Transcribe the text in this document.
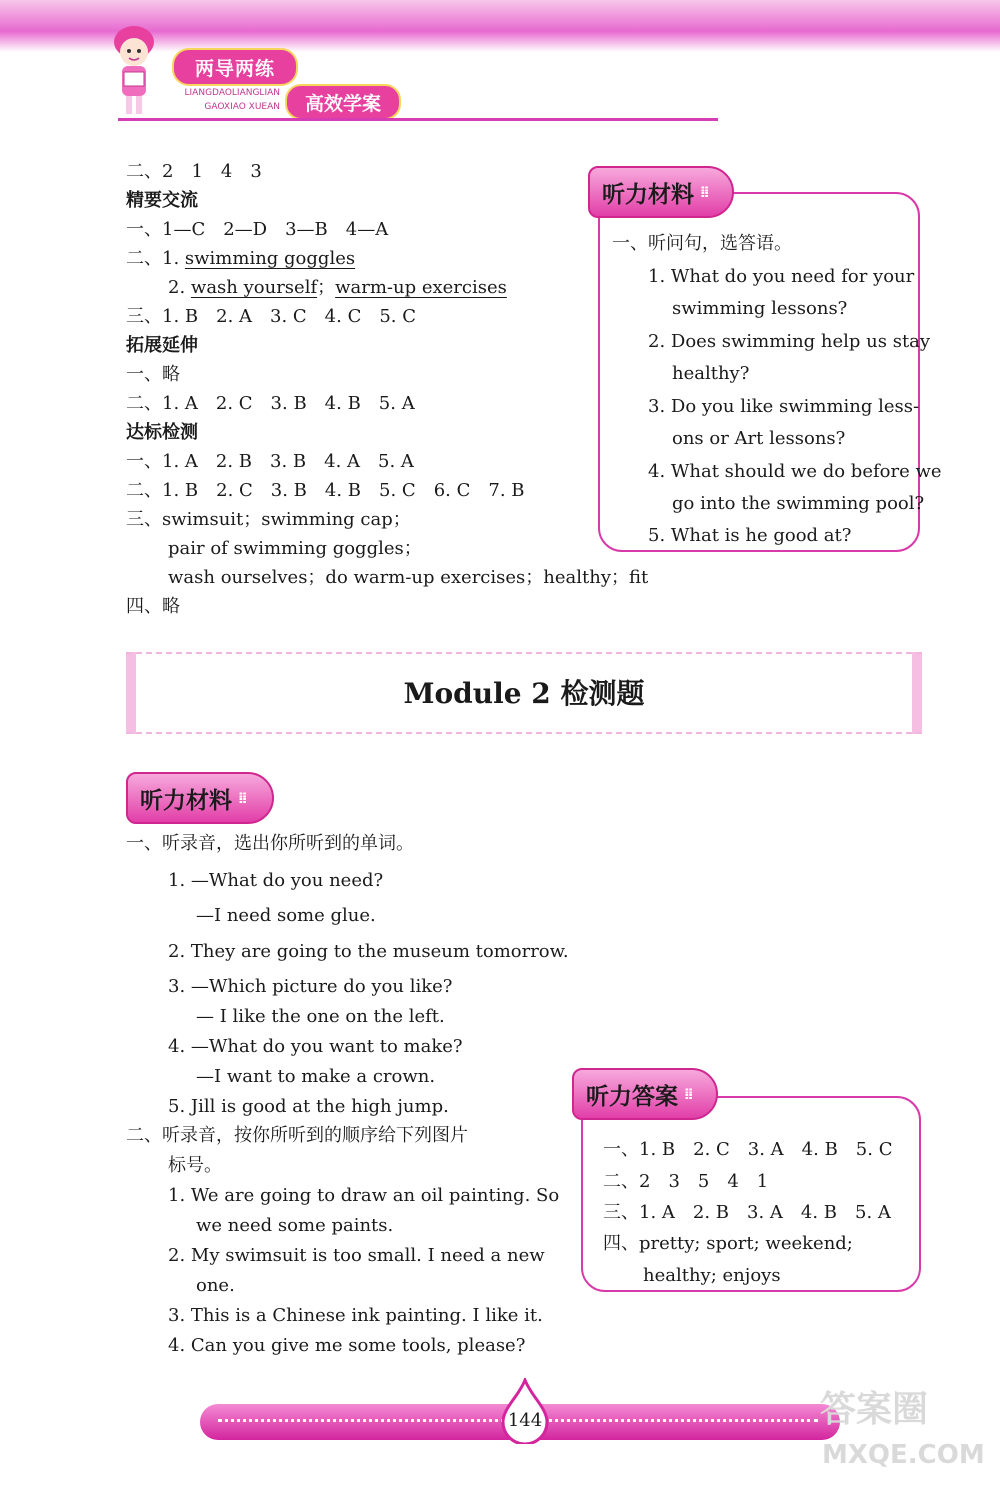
两导两练
LIANGDAOLIANGLIAN
GAOXIAO XUEAN	高效学案
二、2　1　4　3
精要交流
一、1—C　2—D　3—B　4—A
二、1. swimming goggles
2. wash yourself；warm-up exercises
三、1. B　2. A　3. C　4. C　5. C
拓展延伸
一、略
二、1. A　2. C　3. B　4. B　5. A
达标检测
一、1. A　2. B　3. B　4. A　5. A
二、1. B　2. C　3. B　4. B　5. C　6. C　7. B
三、swimsuit；swimming cap；
pair of swimming goggles；
wash ourselves；do warm-up exercises；healthy；fit
四、略
一、听问句，选答语。
1. What do you need for your
swimming lessons?
2. Does swimming help us stay
healthy?
3. Do you like swimming less-
ons or Art lessons?
4. What should we do before we
go into the swimming pool?
5. What is he good at?
听力材料 ⁞⁞
Module 2 检测题
听力材料 ⁞⁞
一、听录音，选出你所听到的单词。
1. —What do you need?
—I need some glue.
2. They are going to the museum tomorrow.
3. —Which picture do you like?
— I like the one on the left.
4. —What do you want to make?
—I want to make a crown.
5. Jill is good at the high jump.
二、听录音，按你所听到的顺序给下列图片
标号。
1. We are going to draw an oil painting. So
we need some paints.
2. My swimsuit is too small. I need a new
one.
3. This is a Chinese ink painting. I like it.
4. Can you give me some tools, please?
一、1. B　2. C　3. A　4. B　5. C
二、2　3　5　4　1
三、1. A　2. B　3. A　4. B　5. A
四、pretty; sport; weekend;
healthy; enjoys
听力答案 ⁞⁞
144	答案圈
MXQE.COM
